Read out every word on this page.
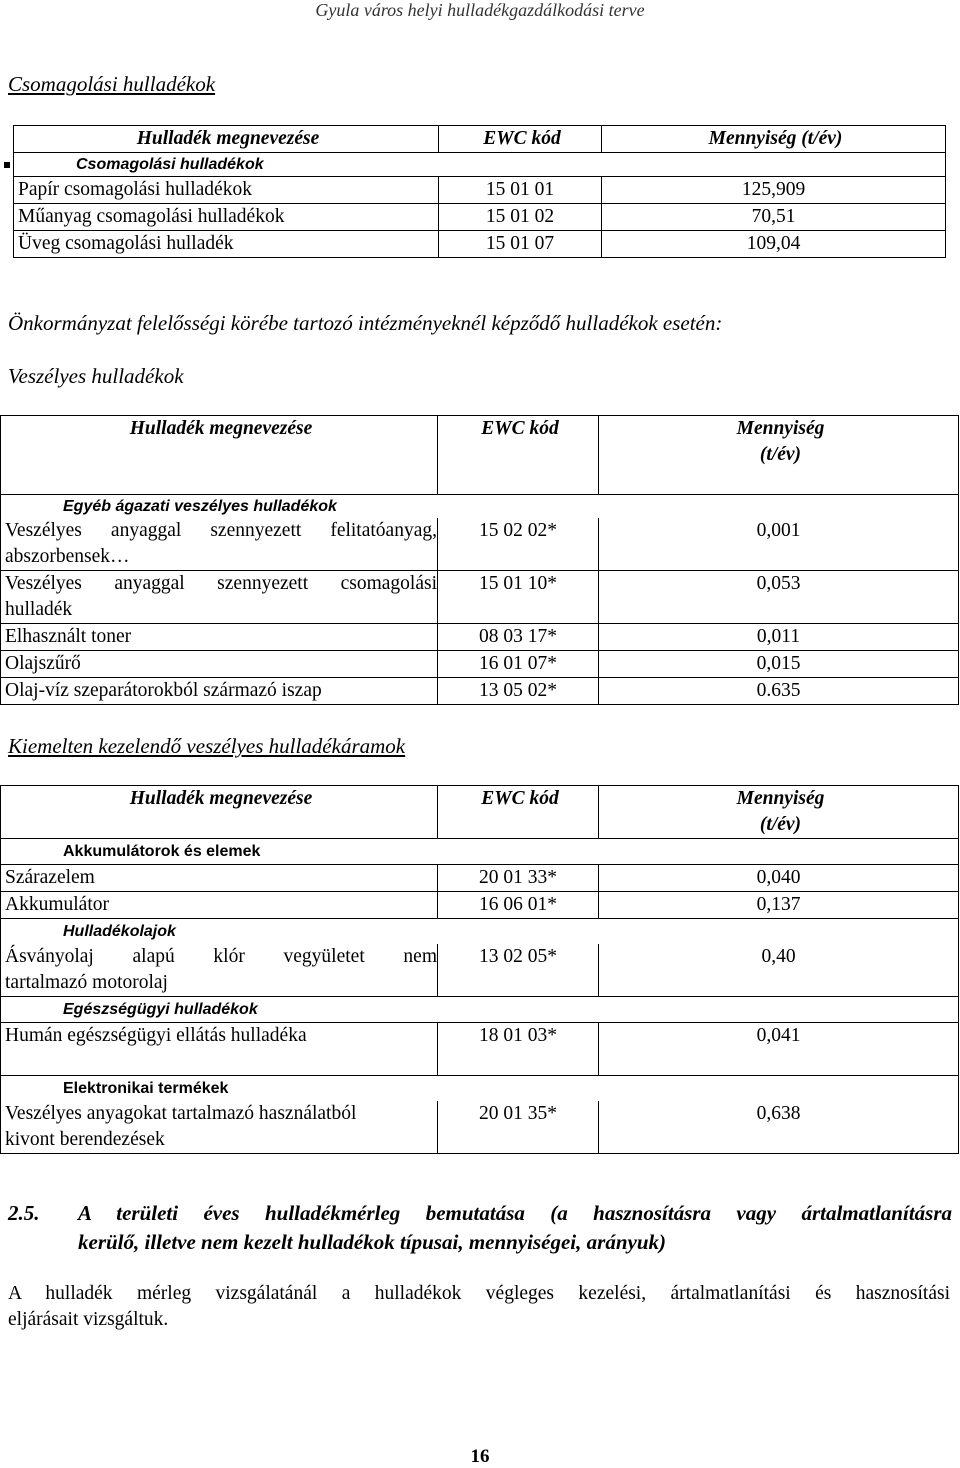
Gyula város helyi hulladékgazdálkodási terve
Csomagolási hulladékok
Hulladék megnevezése	EWC kód	Mennyiség (t/év)

Csomagolási hulladékok		
Papír csomagolási hulladékok	15 01 01	125,909
Műanyag csomagolási hulladékok	15 01 02	70,51
Üveg csomagolási hulladék	15 01 07	109,04
Önkormányzat felelősségi körébe tartozó intézményeknél képződő hulladékok esetén:
Veszélyes hulladékok
Hulladék megnevezése	EWC kód	Mennyiség
(t/év)

Egyéb ágazati veszélyes hulladékok		

Veszélyes anyaggal szennyezett felitatóanyag,
abszorbensek…	15 02 02*	0,001

Veszélyes anyaggal szennyezett csomagolási
hulladék	15 01 10*	0,053
Elhasznált toner	08 03 17*	0,011
Olajszűrő	16 01 07*	0,015
Olaj-víz szeparátorokból származó iszap	13 05 02*	0.635
Kiemelten kezelendő veszélyes hulladékáramok
Hulladék megnevezése	EWC kód	Mennyiség
(t/év)

Akkumulátorok és elemek		
Szárazelem	20 01 33*	0,040
Akkumulátor	16 06 01*	0,137

Hulladékolajok		

Ásványolaj alapú klór vegyületet nem
tartalmazó motorolaj	13 02 05*	0,40

Egészségügyi hulladékok		
Humán egészségügyi ellátás hulladéka	18 01 03*	0,041

Elektronikai termékek		

Veszélyes anyagokat tartalmazó használatból
kivont berendezések	20 01 35*	0,638
2.5. A területi éves hulladékmérleg bemutatása (a hasznosításra vagy ártalmatlanításra
kerülő, illetve nem kezelt hulladékok típusai, mennyiségei, arányuk)
A hulladék mérleg vizsgálatánál a hulladékok végleges kezelési, ártalmatlanítási és hasznosítási
eljárásait vizsgáltuk.
16
